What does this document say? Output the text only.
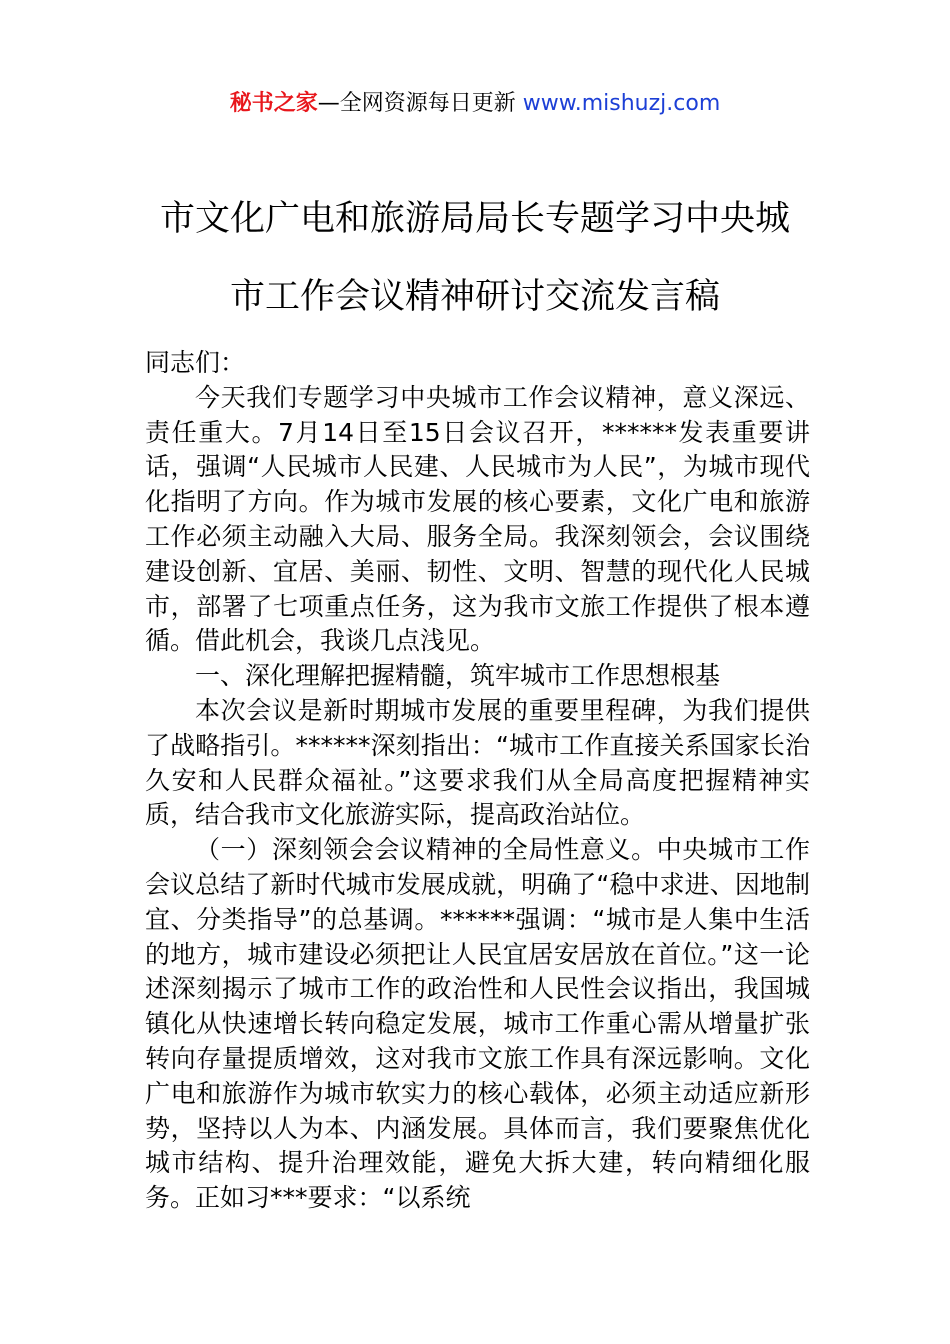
秘书之家—全网资源每日更新 www.mishuzj.com
市文化广电和旅游局局长专题学习中央城
市工作会议精神研讨交流发言稿

同志们：

今天我们专题学习中央城市工作会议精神，意义深远、责任重大。7月14日至15日会议召开，******发表重要讲话，强调“人民城市人民建、人民城市为人民”，为城市现代化指明了方向。作为城市发展的核心要素，文化广电和旅游工作必须主动融入大局、服务全局。我深刻领会，会议围绕建设创新、宜居、美丽、韧性、文明、智慧的现代化人民城市，部署了七项重点任务，这为我市文旅工作提供了根本遵循。借此机会，我谈几点浅见。

一、深化理解把握精髓，筑牢城市工作思想根基

本次会议是新时期城市发展的重要里程碑，为我们提供了战略指引。******深刻指出：“城市工作直接关系国家长治久安和人民群众福祉。”这要求我们从全局高度把握精神实质，结合我市文化旅游实际，提高政治站位。

（一）深刻领会会议精神的全局性意义。中央城市工作会议总结了新时代城市发展成就，明确了“稳中求进、因地制宜、分类指导”的总基调。******强调：“城市是人集中生活的地方，城市建设必须把让人民宜居安居放在首位。”这一论述深刻揭示了城市工作的政治性和人民性会议指出，我国城镇化从快速增长转向稳定发展，城市工作重心需从增量扩张转向存量提质增效，这对我市文旅工作具有深远影响。文化广电和旅游作为城市软实力的核心载体，必须主动适应新形势，坚持以人为本、内涵发展。具体而言，我们要聚焦优化城市结构、提升治理效能，避免大拆大建，转向精细化服务。正如习***要求：“以系统
